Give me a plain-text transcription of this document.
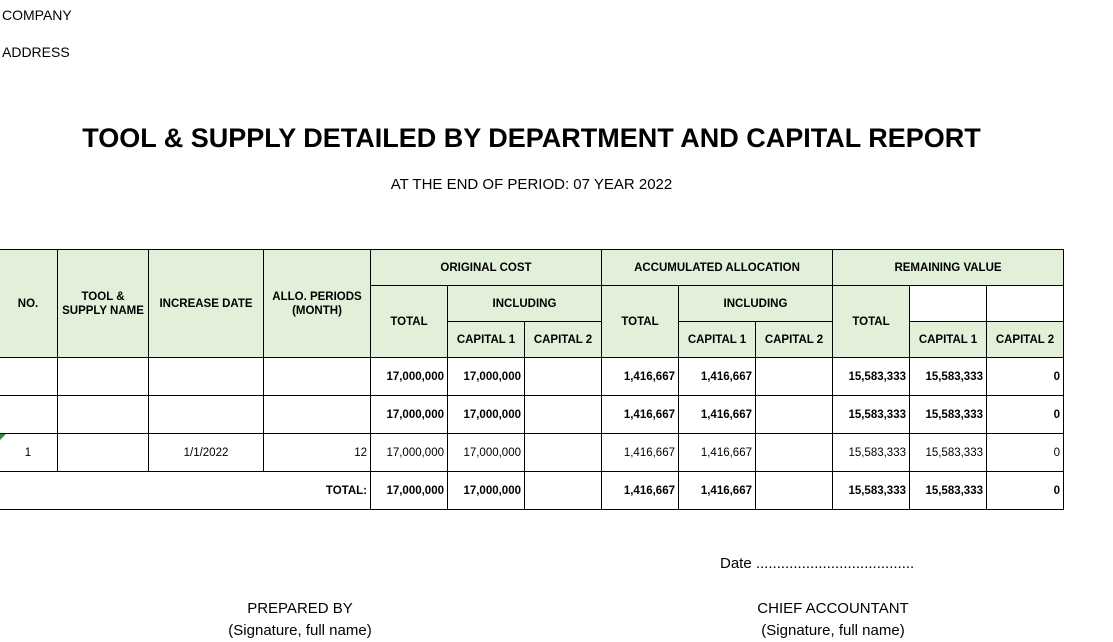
COMPANY
ADDRESS
TOOL & SUPPLY DETAILED BY DEPARTMENT AND CAPITAL REPORT
AT THE END OF PERIOD: 07 YEAR 2022
NO.	TOOL & SUPPLY NAME	INCREASE DATE	ALLO. PERIODS (MONTH)	ORIGINAL COST			ACCUMULATED ALLOCATION			REMAINING VALUE		
				TOTAL	INCLUDING		TOTAL	INCLUDING		TOTAL		
					CAPITAL 1	CAPITAL 2		CAPITAL 1	CAPITAL 2		CAPITAL 1	CAPITAL 2
				17,000,000	17,000,000		1,416,667	1,416,667		15,583,333	15,583,333	0
				17,000,000	17,000,000		1,416,667	1,416,667		15,583,333	15,583,333	0

1		1/1/2022	12	17,000,000	17,000,000		1,416,667	1,416,667		15,583,333	15,583,333	0
TOTAL:				17,000,000	17,000,000		1,416,667	1,416,667		15,583,333	15,583,333	0
Date ......................................
PREPARED BY
(Signature, full name)
CHIEF ACCOUNTANT
(Signature, full name)
